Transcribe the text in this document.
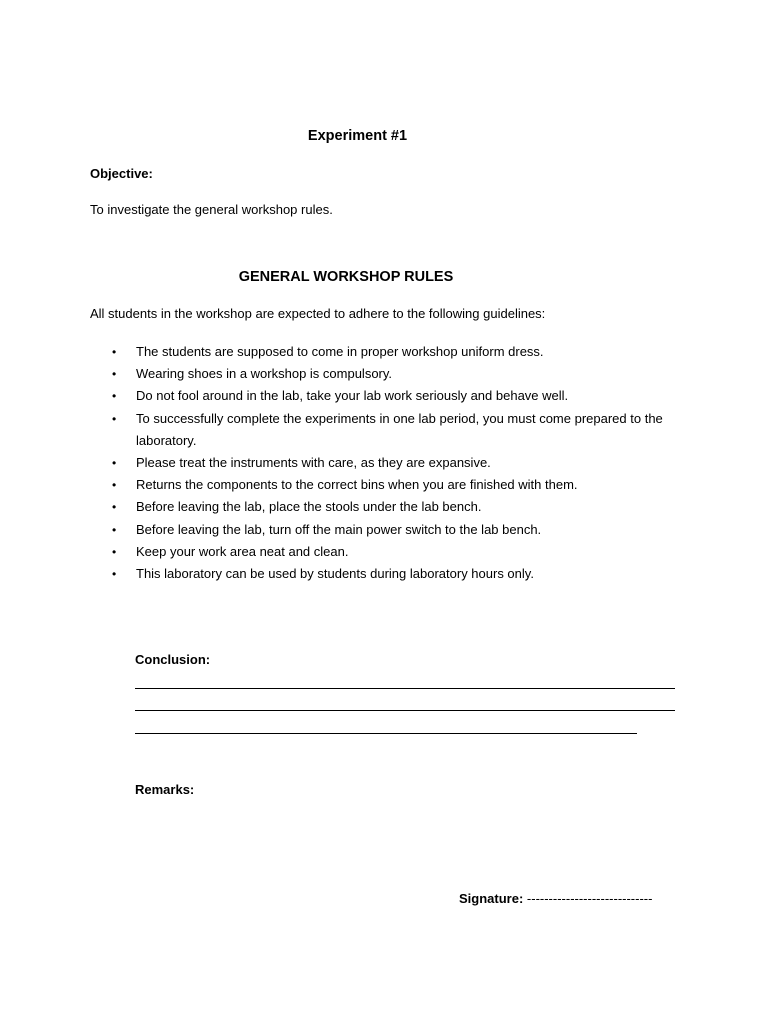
Experiment #1
Objective:
To investigate the general workshop rules.
GENERAL WORKSHOP RULES
All students in the workshop are expected to adhere to the following guidelines:
• The students are supposed to come in proper workshop uniform dress.
• Wearing shoes in a workshop is compulsory.
• Do not fool around in the lab, take your lab work seriously and behave well.
• To successfully complete the experiments in one lab period, you must come prepared to the laboratory.
• Please treat the instruments with care, as they are expansive.
• Returns the components to the correct bins when you are finished with them.
• Before leaving the lab, place the stools under the lab bench.
• Before leaving the lab, turn off the main power switch to the lab bench.
• Keep your work area neat and clean.
• This laboratory can be used by students during laboratory hours only.
Conclusion:
Remarks:
Signature: -----------------------------
